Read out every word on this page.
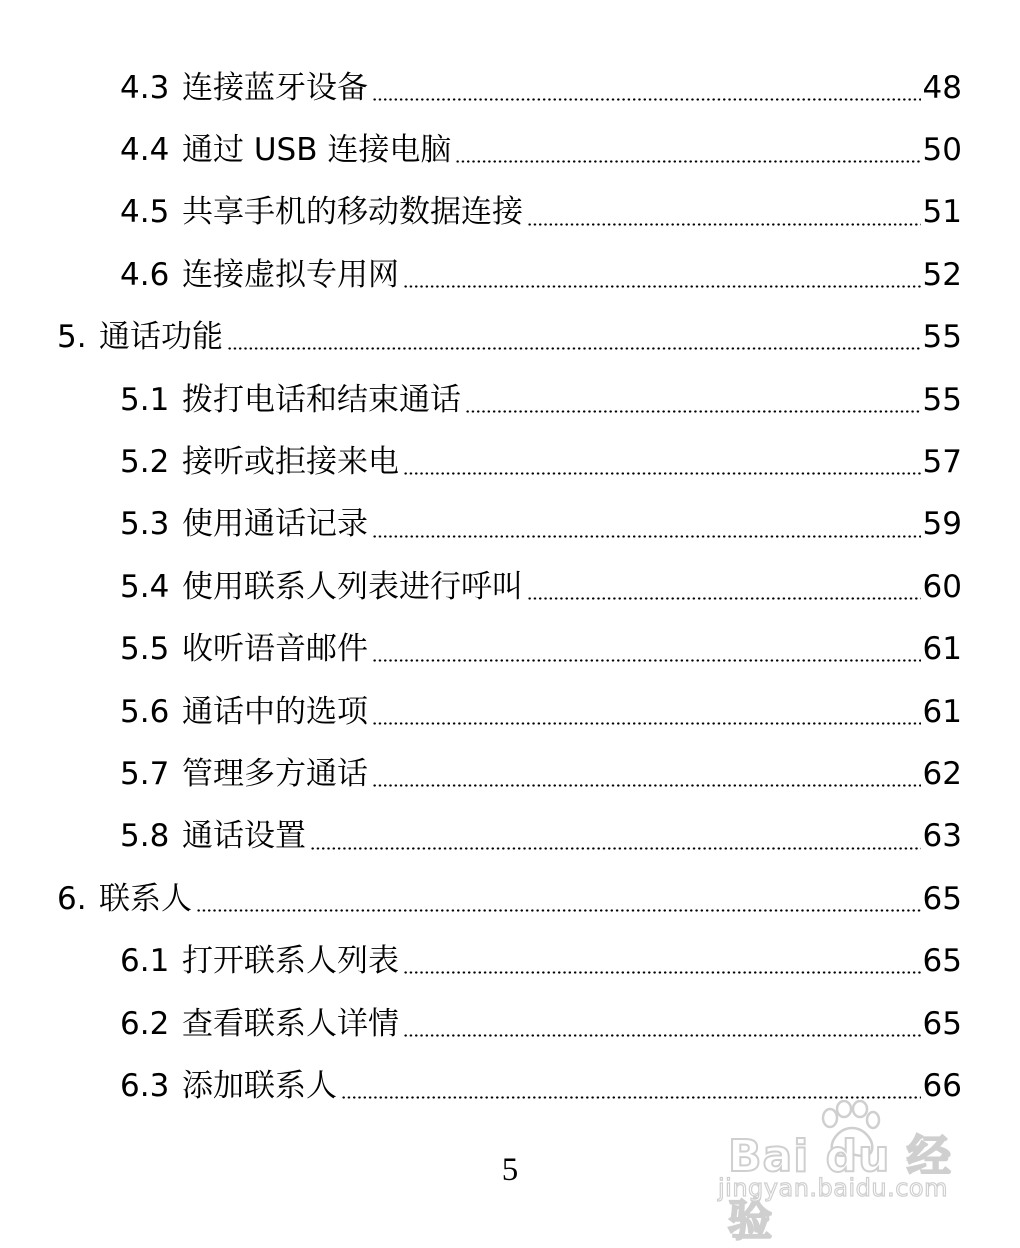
4.3 连接蓝牙设备	48
4.4 通过 USB 连接电脑	50
4.5 共享手机的移动数据连接	51
4.6 连接虚拟专用网	52
5. 通话功能	55
5.1 拨打电话和结束通话	55
5.2 接听或拒接来电	57
5.3 使用通话记录	59
5.4 使用联系人列表进行呼叫	60
5.5 收听语音邮件	61
5.6 通话中的选项	61
5.7 管理多方通话	62
5.8 通话设置	63
6. 联系人	65
6.1 打开联系人列表	65
6.2 查看联系人详情	65
6.3 添加联系人	66
5	Bai du 经验
jingyan.baidu.com
